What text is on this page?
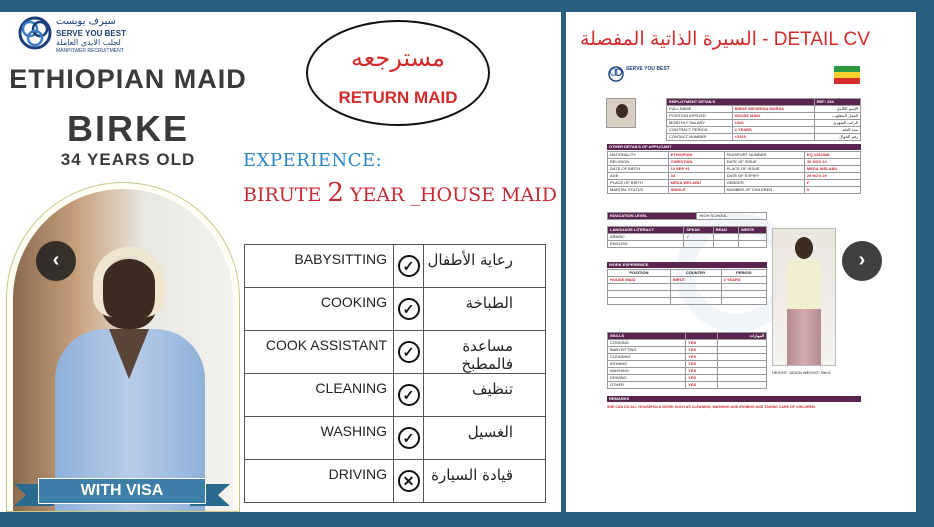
سيرف يوبست
SERVE YOU BEST
لجلب الايدي العاملة
MANPOWER RECRUITMENT
ETHIOPIAN MAID
BIRKE
34 YEARS OLD
WITH VISA
مسترجعه
RETURN MAID
EXPERIENCE:
BIRUTE 2 YEAR _HOUSE MAID
BABYSITTING	✓	رعاية الأطفال
COOKING	✓	الطباخة
COOK ASSISTANT	✓	مساعدة فالمطبخ
CLEANING	✓	تنظيف
WASHING	✓	الغسيل
DRIVING	✕	قيادة السيارة
السيرة الذاتية المفصلة - DETAIL CV
SERVE YOU BEST
EMPLOYMENT DETAILS		REF: 234
FULL NAME	BIRKE MEGERSA MURSA	الإسم الكامل
POSITION APPLIED	HOUSE MAID	العمل المطلوب
MONTHLY SALARY	1000	الراتب الشهري
CONTRACT PERIOD	2 YEARS	مدة العقد
CONTACT NUMBER	+2519	رقم الجوال
OTHER DETAILS OF APPLICANT
NATIONALITY	ETHIOPIAN	PASSPORT NUMBER	EQ 1252838
RELIGION	CHRISTIAN	DATE OF ISSUE	30 NOV 24
DATE OF BIRTH	12 SEP 91	PLACE OF ISSUE	MEDA WELABU
AGE	34	DATE OF EXPIRY	29 NOV 29
PLACE OF BIRTH	MEDA WELABU	GENDER	F
MARITAL STATUS	SINGLE	NUMBER OF CHILDREN	0
EDUCATION LEVEL	HIGH SCHOOL
LANGUAGE LITERACY	SPEAK	READ	WRITE
ARABIC	✓		
ENGLISH			
WORK EXPERIENCE
POSITION	COUNTRY	PERIOD
HOUSE MAID	BIRUT	2 YEARS

SKILLS		المهارات
COOKING	YES	
BABYSITTING	YES	
CLEANING	YES	
IRONING	YES	
WASHING	YES	
DRIVING	YES	
OTHER	YES	
HEIGHT: 163CM WEIGHT: 59KG
REMARKS
SHE CAN DO ALL HOUSEHOLD WORK SUCH AS CLEANING, WASHING AND IRONING AND TAKING CARE OF CHILDREN.
‹	›
